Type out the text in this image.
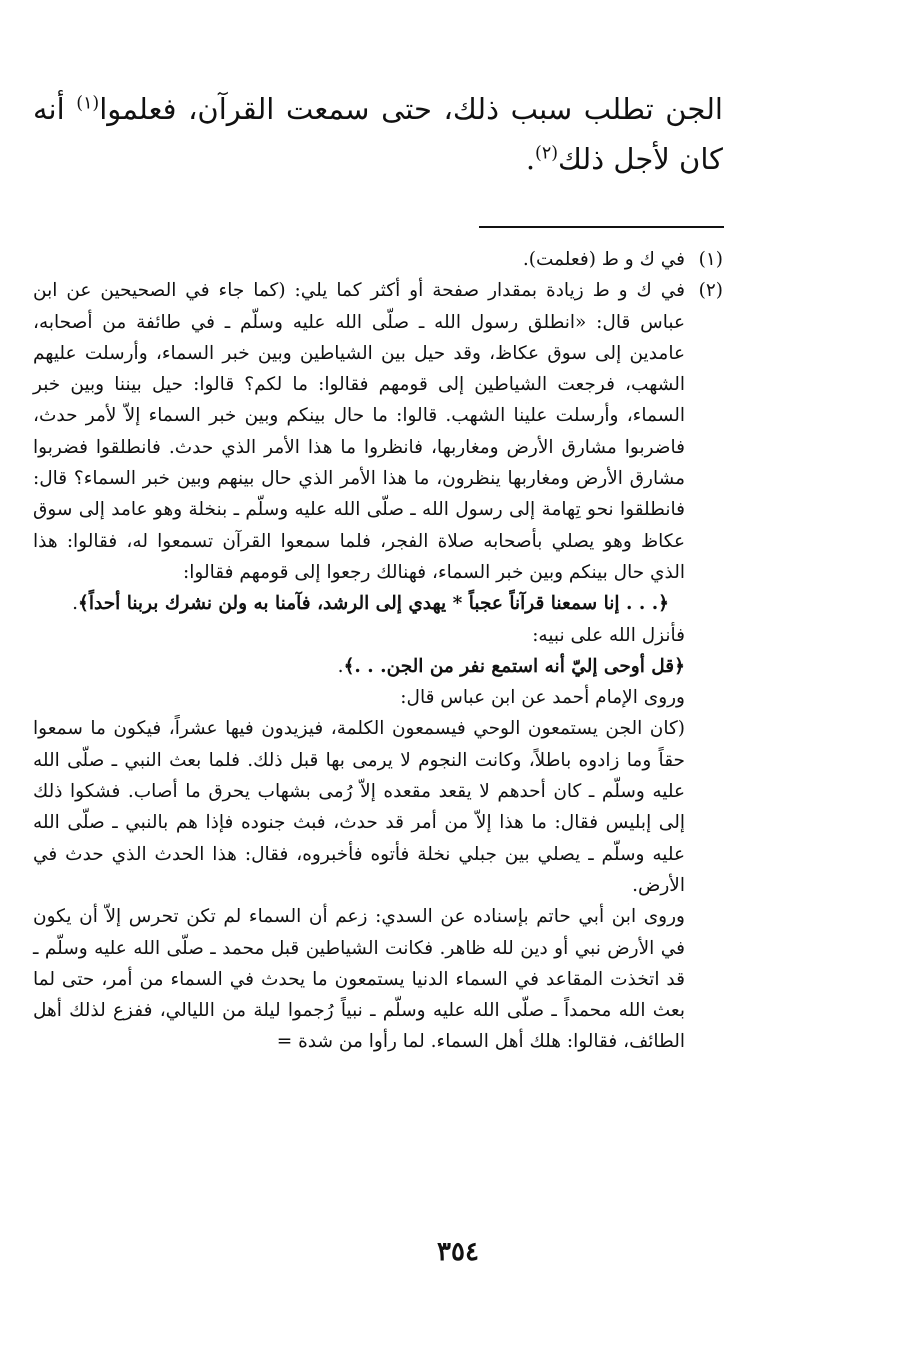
الجن تطلب سبب ذلك، حتى سمعت القرآن، فعلموا$^{(١)}$ أنه كان لأجل ذلك$^{(٢)}$.

(١)
في ك و ط (فعلمت).

(٢)
في ك و ط زيادة بمقدار صفحة أو أكثر كما يلي: (كما جاء في الصحيحين عن ابن عباس قال: «انطلق رسول الله ـ صلّى الله عليه وسلّم ـ في طائفة من أصحابه، عامدين إلى سوق عكاظ، وقد حيل بين الشياطين وبين خبر السماء، وأرسلت عليهم الشهب، فرجعت الشياطين إلى قومهم فقالوا: ما لكم؟ قالوا: حيل بيننا وبين خبر السماء، وأرسلت علينا الشهب. قالوا: ما حال بينكم وبين خبر السماء إلاّ لأمر حدث، فاضربوا مشارق الأرض ومغاربها، فانظروا ما هذا الأمر الذي حدث. فانطلقوا فضربوا مشارق الأرض ومغاربها ينظرون، ما هذا الأمر الذي حال بينهم وبين خبر السماء؟ قال: فانطلقوا نحو تِهامة إلى رسول الله ـ صلّى الله عليه وسلّم ـ بنخلة وهو عامد إلى سوق عكاظ وهو يصلي بأصحابه صلاة الفجر، فلما سمعوا القرآن تسمعوا له، فقالوا: هذا الذي حال بينكم وبين خبر السماء، فهنالك رجعوا إلى قومهم فقالوا:
﴿. . . إنا سمعنا قرآناً عجباً * يهدي إلى الرشد، فآمنا به ولن نشرك بربنا أحداً﴾.
فأنزل الله على نبيه:
﴿قل أوحى إليّ أنه استمع نفر من الجن. . .﴾.
وروى الإمام أحمد عن ابن عباس قال:
(كان الجن يستمعون الوحي فيسمعون الكلمة، فيزيدون فيها عشراً، فيكون ما سمعوا حقاً وما زادوه باطلاً، وكانت النجوم لا يرمى بها قبل ذلك. فلما بعث النبي ـ صلّى الله عليه وسلّم ـ كان أحدهم لا يقعد مقعده إلاّ رُمى بشهاب يحرق ما أصاب. فشكوا ذلك إلى إبليس فقال: ما هذا إلاّ من أمر قد حدث، فبث جنوده فإذا هم بالنبي ـ صلّى الله عليه وسلّم ـ يصلي بين جبلي نخلة فأتوه فأخبروه، فقال: هذا الحدث الذي حدث في الأرض.
وروى ابن أبي حاتم بإسناده عن السدي: زعم أن السماء لم تكن تحرس إلاّ أن يكون في الأرض نبي أو دين لله ظاهر. فكانت الشياطين قبل محمد ـ صلّى الله عليه وسلّم ـ قد اتخذت المقاعد في السماء الدنيا يستمعون ما يحدث في السماء من أمر، حتى لما بعث الله محمداً ـ صلّى الله عليه وسلّم ـ نبياً رُجموا ليلة من الليالي، ففزع لذلك أهل الطائف، فقالوا: هلك أهل السماء. لما رأوا من شدة =
٣٥٤
